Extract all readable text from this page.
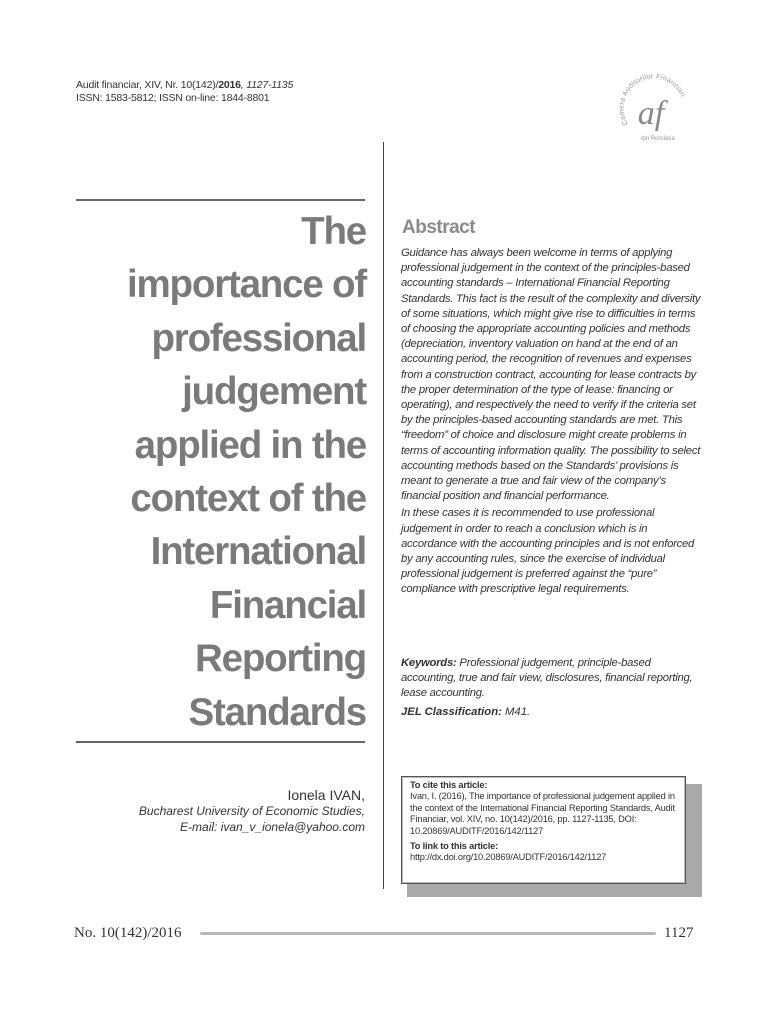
Audit financiar, XIV, Nr. 10(142)/2016, 1127-1135
ISSN: 1583-5812; ISSN on-line: 1844-8801
Camera Auditorilor Financiari
af
din România
The
importance of
professional
judgement
applied in the
context of the
International
Financial
Reporting
Standards
Ionela IVAN,
Bucharest University of Economic Studies,
E-mail: ivan_v_ionela@yahoo.com
Abstract

Guidance has always been welcome in terms of applying professional judgement in the context of the principles-based accounting standards – International Financial Reporting Standards. This fact is the result of the complexity and diversity of some situations, which might give rise to difficulties in terms of choosing the appropriate accounting policies and methods (depreciation, inventory valuation on hand at the end of an accounting period, the recognition of revenues and expenses from a construction contract, accounting for lease contracts by the proper determination of the type of lease: financing or operating), and respectively the need to verify if the criteria set by the principles-based accounting standards are met. This “freedom” of choice and disclosure might create problems in terms of accounting information quality. The possibility to select accounting methods based on the Standards’ provisions is meant to generate a true and fair view of the company’s financial position and financial performance.

In these cases it is recommended to use professional judgement in order to reach a conclusion which is in accordance with the accounting principles and is not enforced by any accounting rules, since the exercise of individual professional judgement is preferred against the “pure” compliance with prescriptive legal requirements.

Keywords: Professional judgement, principle-based accounting, true and fair view, disclosures, financial reporting, lease accounting.
JEL Classification: M41.
To cite this article:
Ivan, I. (2016), The importance of professional judgement applied in the context of the International Financial Reporting Standards, Audit Financiar, vol. XIV, no. 10(142)/2016, pp. 1127-1135, DOI: 10.20869/AUDITF/2016/142/1127
To link to this article:
http://dx.doi.org/10.20869/AUDITF/2016/142/1127
No. 10(142)/2016	1127
